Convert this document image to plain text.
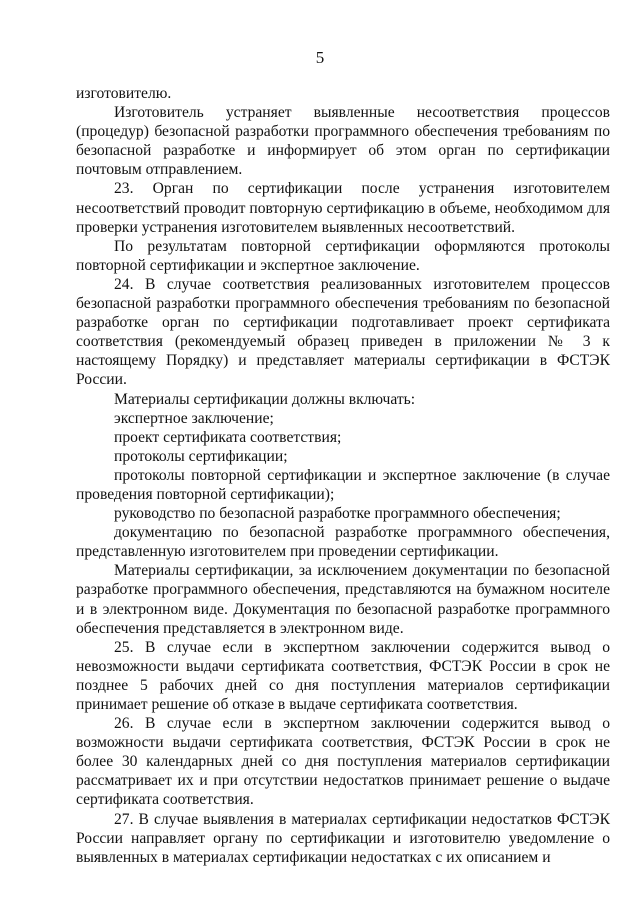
5

изготовителю.

Изготовитель устраняет выявленные несоответствия процессов (процедур) безопасной разработки программного обеспечения требованиям по безопасной разработке и информирует об этом орган по сертификации почтовым отправлением.

23. Орган по сертификации после устранения изготовителем несоответствий проводит повторную сертификацию в объеме, необходимом для проверки устранения изготовителем выявленных несоответствий.

По результатам повторной сертификации оформляются протоколы повторной сертификации и экспертное заключение.

24. В случае соответствия реализованных изготовителем процессов безопасной разработки программного обеспечения требованиям по безопасной разработке орган по сертификации подготавливает проект сертификата соответствия (рекомендуемый образец приведен в приложении № 3 к настоящему Порядку) и представляет материалы сертификации в ФСТЭК России.

Материалы сертификации должны включать:

экспертное заключение;

проект сертификата соответствия;

протоколы сертификации;

протоколы повторной сертификации и экспертное заключение (в случае проведения повторной сертификации);

руководство по безопасной разработке программного обеспечения;

документацию по безопасной разработке программного обеспечения, представленную изготовителем при проведении сертификации.

Материалы сертификации, за исключением документации по безопасной разработке программного обеспечения, представляются на бумажном носителе и в электронном виде. Документация по безопасной разработке программного обеспечения представляется в электронном виде.

25. В случае если в экспертном заключении содержится вывод о невозможности выдачи сертификата соответствия, ФСТЭК России в срок не позднее 5 рабочих дней со дня поступления материалов сертификации принимает решение об отказе в выдаче сертификата соответствия.

26. В случае если в экспертном заключении содержится вывод о возможности выдачи сертификата соответствия, ФСТЭК России в срок не более 30 календарных дней со дня поступления материалов сертификации рассматривает их и при отсутствии недостатков принимает решение о выдаче сертификата соответствия.

27. В случае выявления в материалах сертификации недостатков ФСТЭК России направляет органу по сертификации и изготовителю уведомление о выявленных в материалах сертификации недостатках с их описанием и
